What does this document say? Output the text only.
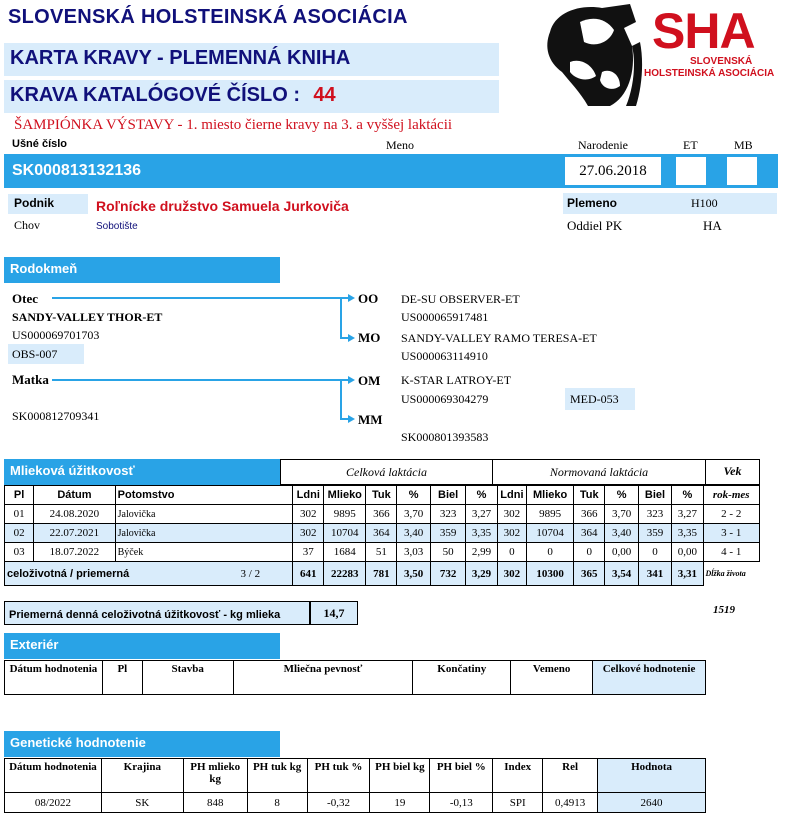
SLOVENSKÁ HOLSTEINSKÁ ASOCIÁCIA
KARTA KRAVY - PLEMENNÁ KNIHA
KRAVA KATALÓGOVÉ ČÍSLO : 44
SHA
SLOVENSKÁ
HOLSTEINSKÁ ASOCIÁCIA
ŠAMPIÓNKA VÝSTAVY - 1. miesto čierne kravy na 3. a vyššej laktácii
Ušné číslo	Meno	Narodenie	ET	MB
SK000813132136	27.06.2018
Podnik	Roľnícke družstvo Samuela Jurkoviča
Chov	Sobotište
Plemeno	H100
Oddiel PK	HA
Rodokmeň
Otec
SANDY-VALLEY THOR-ET
US000069701703
OBS-007
Matka
SK000812709341
OO DE-SU OBSERVER-ET
US000065917481
MO SANDY-VALLEY RAMO TERESA-ET
US000063114910
OM K-STAR LATROY-ET
US000069304279	MED-053
MM
SK000801393583
Mlieková úžitkovosť	Celková laktácia	Normovaná laktácia	Vek
Pl	Dátum	Potomstvo	Ldni	Mlieko	Tuk	%	Biel	%	Ldni	Mlieko	Tuk	%	Biel	%	rok-mes
01	24.08.2020	Jalovička	302	9895	366	3,70	323	3,27	302	9895	366	3,70	323	3,27	2 - 2
02	22.07.2021	Jalovička	302	10704	364	3,40	359	3,35	302	10704	364	3,40	359	3,35	3 - 1
03	18.07.2022	Býček	37	1684	51	3,03	50	2,99	0	0	0	0,00	0	0,00	4 - 1
celoživotná / priemerná 3 / 2			641	22283	781	3,50	732	3,29	302	10300	365	3,54	341	3,31	Dĺžka života
Priemerná denná celoživotná úžitkovosť - kg mlieka	14,7	1519
Exteriér
Dátum hodnotenia	Pl	Stavba	Mliečna pevnosť	Končatiny	Vemeno	Celkové hodnotenie
Genetické hodnotenie
Dátum hodnotenia	Krajina	PH mlieko kg	PH tuk kg	PH tuk %	PH biel kg	PH biel %	Index	Rel	Hodnota
08/2022	SK	848	8	-0,32	19	-0,13	SPI	0,4913	2640
